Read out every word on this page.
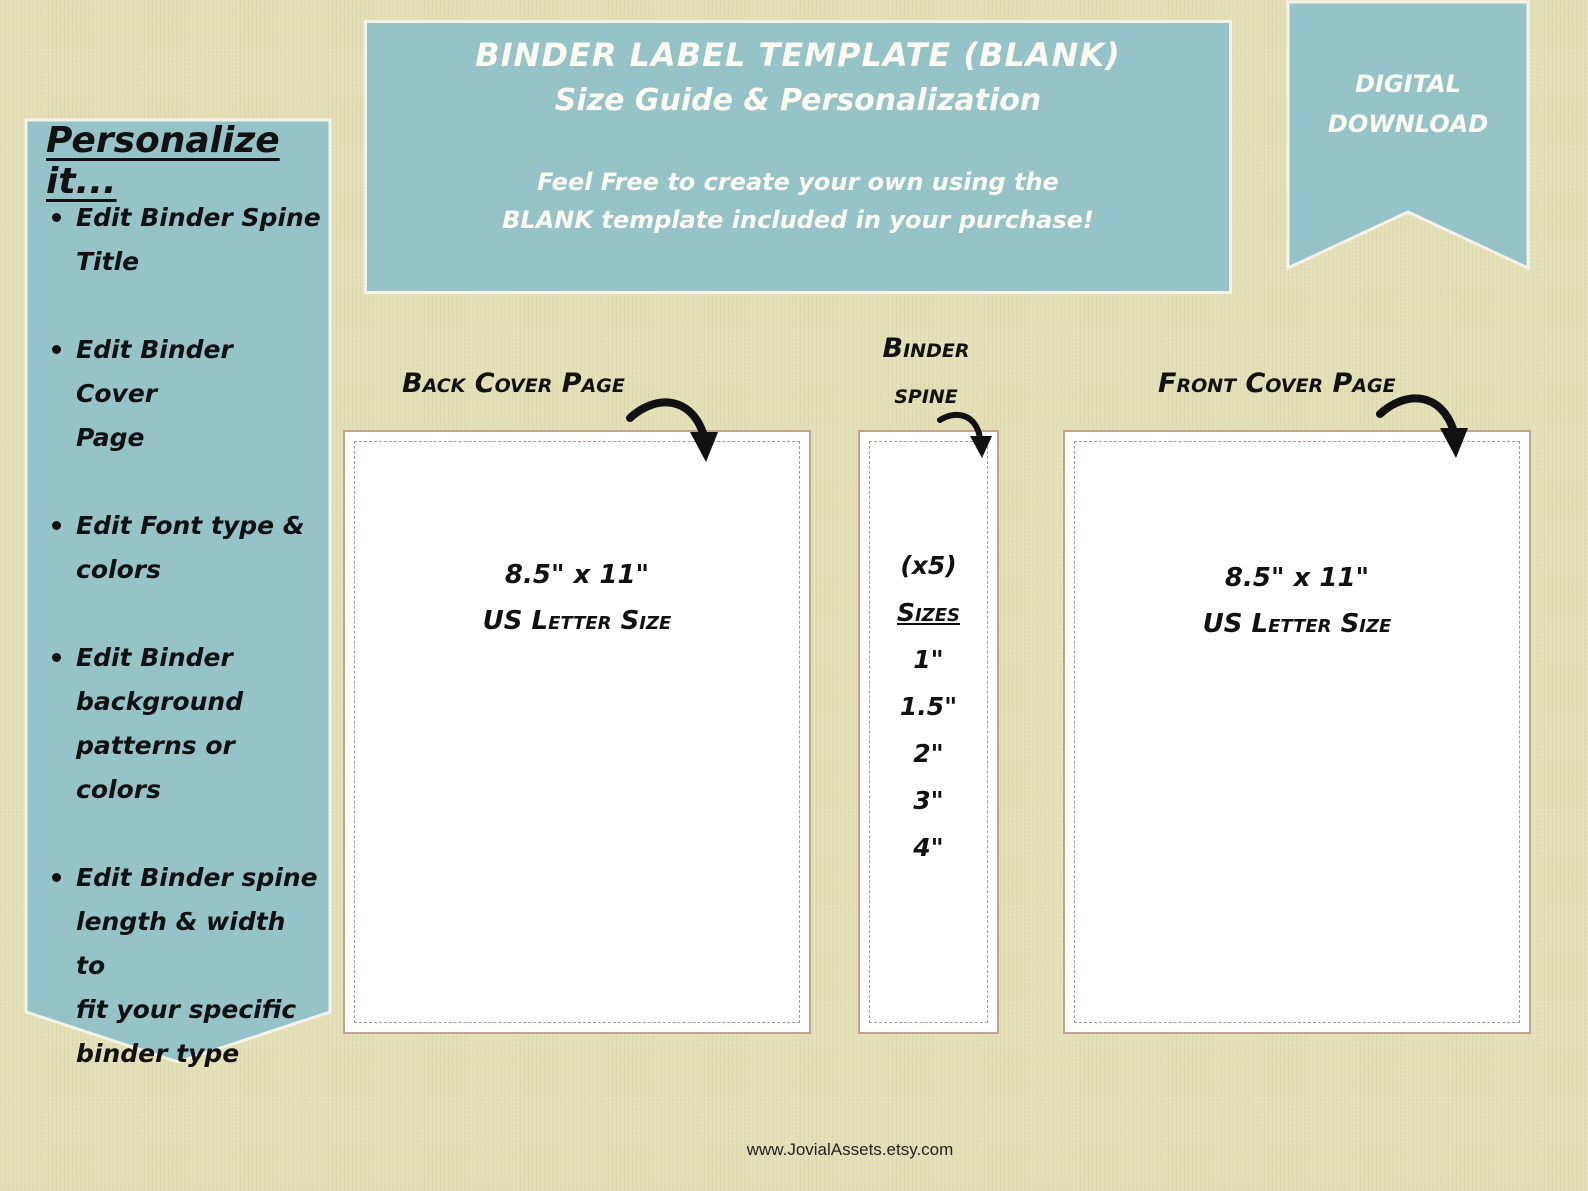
BINDER LABEL TEMPLATE (BLANK)
Size Guide & Personalization
Feel Free to create your own using the
BLANK template included in your purchase!
DIGITAL
DOWNLOAD
Personalize it...
Edit Binder Spine
Title
Edit Binder Cover
Page
Edit Font type &
colors
Edit Binder
background
patterns or colors
Edit Binder spine
length & width to
fit your specific
binder type
Back Cover Page
Binder
spine	Front Cover Page
8.5" x 11"
US Letter Size
(x5)
Sizes
1"
1.5"
2"
3"
4"
8.5" x 11"
US Letter Size
www.JovialAssets.etsy.com
